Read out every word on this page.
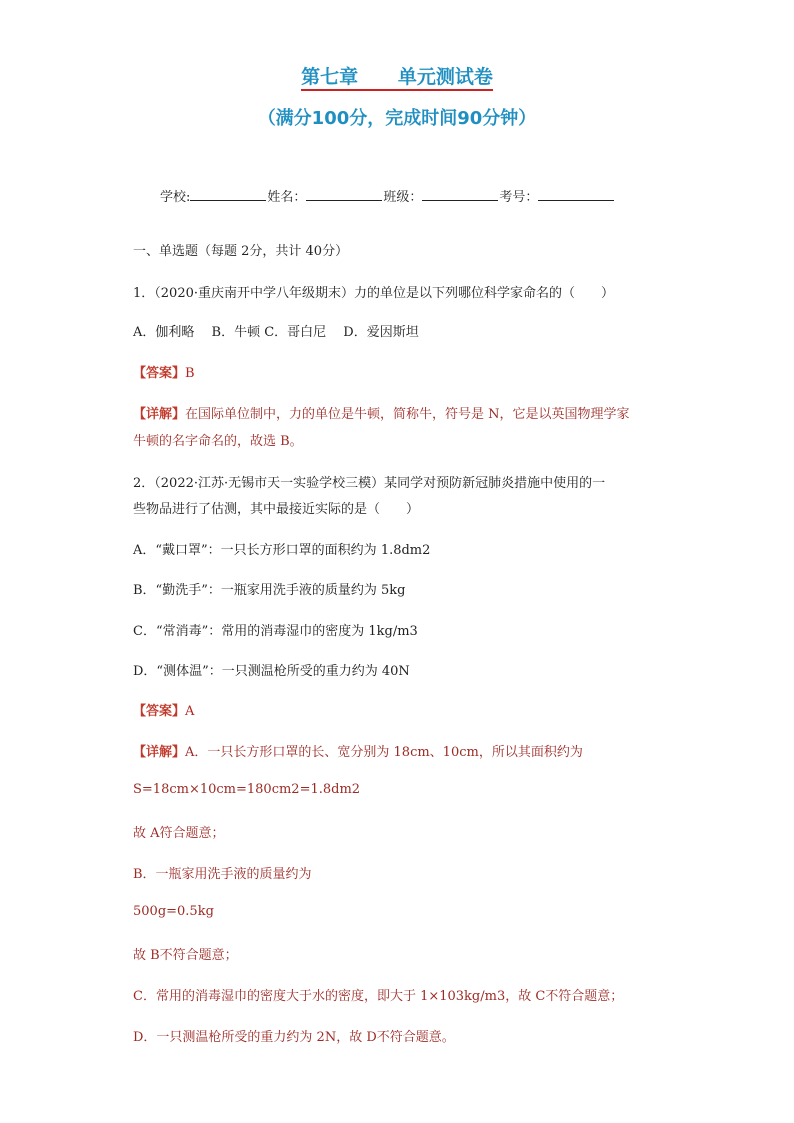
第七章      单元测试卷
（满分100分，完成时间90分钟）
学校:	姓名：	班级：	考号：
一、单选题（每题 2分，共计 40分）
1．（2020·重庆南开中学八年级期末）力的单位是以下列哪位科学家命名的（　　）
A．伽利略　 B．牛顿 C．哥白尼　 D．爱因斯坦
【答案】B
【详解】在国际单位制中，力的单位是牛顿，简称牛，符号是 N，它是以英国物理学家
牛顿的名字命名的，故选 B。
2．（2022·江苏·无锡市天一实验学校三模）某同学对预防新冠肺炎措施中使用的一
些物品进行了估测，其中最接近实际的是（　　）
A．“戴口罩”：一只长方形口罩的面积约为 1.8dm2
B．“勤洗手”：一瓶家用洗手液的质量约为 5kg
C．“常消毒”：常用的消毒湿巾的密度为 1kg/m3
D．“测体温”：一只测温枪所受的重力约为 40N
【答案】A
【详解】A．一只长方形口罩的长、宽分别为 18cm、10cm，所以其面积约为
S=18cm×10cm=180cm2=1.8dm2
故 A符合题意；
B．一瓶家用洗手液的质量约为
500g=0.5kg
故 B不符合题意；
C．常用的消毒湿巾的密度大于水的密度，即大于 1×103kg/m3，故 C不符合题意；
D．一只测温枪所受的重力约为 2N，故 D不符合题意。
